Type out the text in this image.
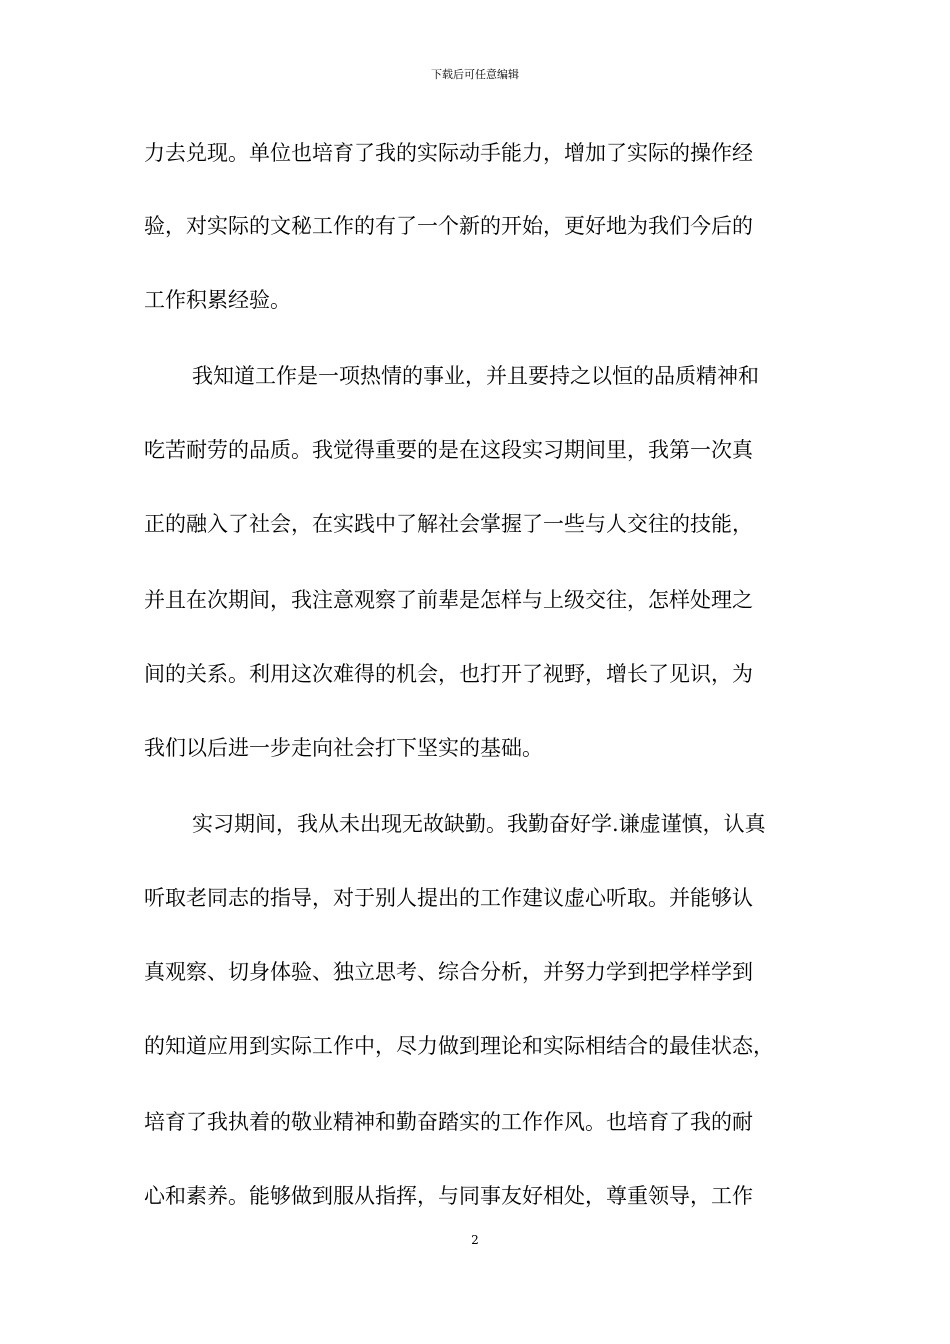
下载后可任意编辑
力去兑现。单位也培育了我的实际动手能力，增加了实际的操作经
验，对实际的文秘工作的有了一个新的开始，更好地为我们今后的
工作积累经验。
我知道工作是一项热情的事业，并且要持之以恒的品质精神和
吃苦耐劳的品质。我觉得重要的是在这段实习期间里，我第一次真
正的融入了社会，在实践中了解社会掌握了一些与人交往的技能，
并且在次期间，我注意观察了前辈是怎样与上级交往，怎样处理之
间的关系。利用这次难得的机会，也打开了视野，增长了见识，为
我们以后进一步走向社会打下坚实的基础。
实习期间，我从未出现无故缺勤。我勤奋好学.谦虚谨慎，认真
听取老同志的指导，对于别人提出的工作建议虚心听取。并能够认
真观察、切身体验、独立思考、综合分析，并努力学到把学样学到
的知道应用到实际工作中，尽力做到理论和实际相结合的最佳状态，
培育了我执着的敬业精神和勤奋踏实的工作作风。也培育了我的耐
心和素养。能够做到服从指挥，与同事友好相处，尊重领导，工作
2
